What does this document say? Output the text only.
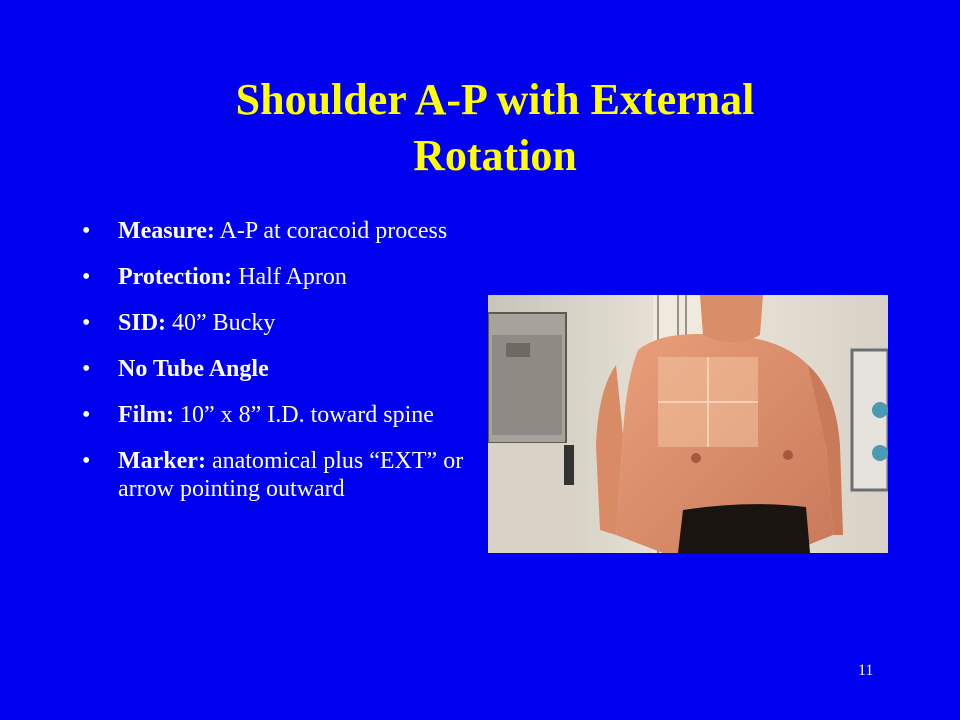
Shoulder A-P with External
Rotation
• Measure: A-P at coracoid process
• Protection: Half Apron
• SID: 40” Bucky
• No Tube Angle
• Film: 10” x 8” I.D. toward spine
• Marker: anatomical plus “EXT” or arrow pointing outward
11
